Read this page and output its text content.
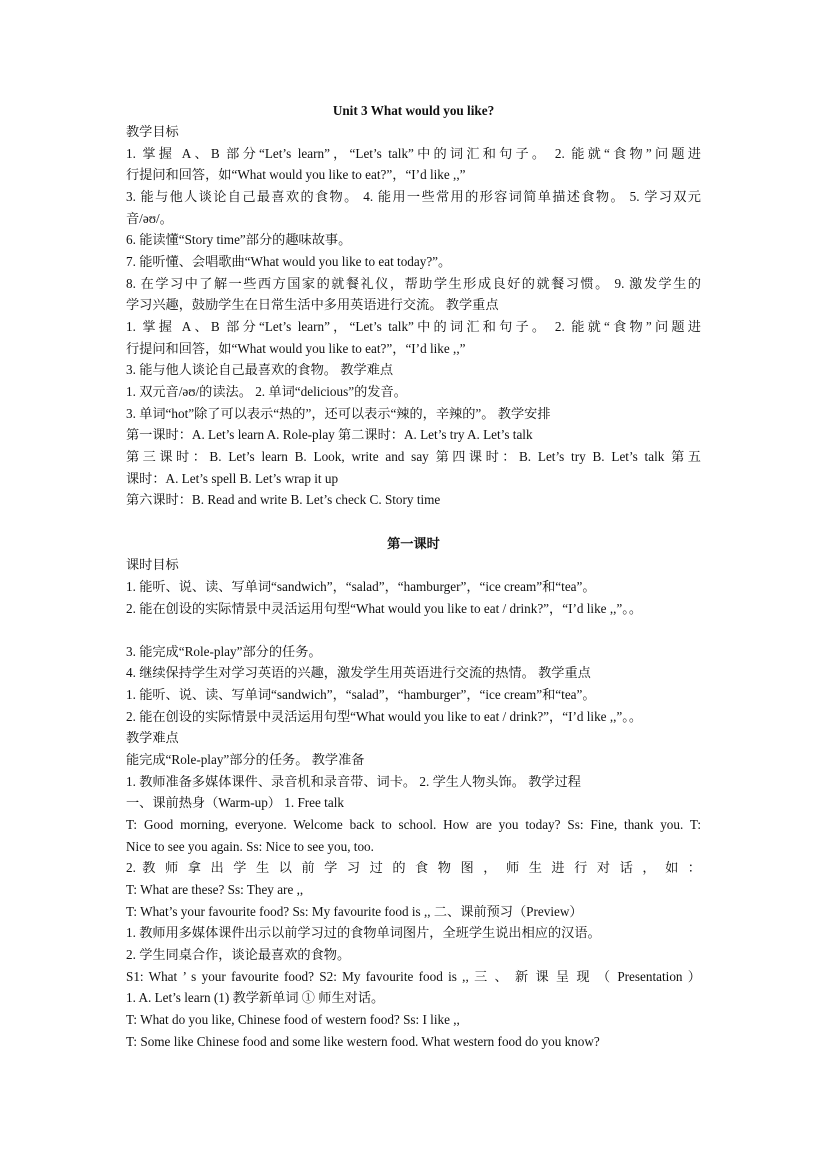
Unit 3 What would you like?
教学目标
1. 掌握 A、B 部分“Let’s learn”，“Let’s talk”中的词汇和句子。 2. 能就“食物”问题进
行提问和回答，如“What would you like to eat?”，“I’d like ,,”
3. 能与他人谈论自己最喜欢的食物。 4. 能用一些常用的形容词简单描述食物。 5. 学习双元
音/əʊ/。
6. 能读懂“Story time”部分的趣味故事。
7. 能听懂、会唱歌曲“What would you like to eat today?”。
8. 在学习中了解一些西方国家的就餐礼仪，帮助学生形成良好的就餐习惯。 9. 激发学生的
学习兴趣，鼓励学生在日常生活中多用英语进行交流。 教学重点
1. 掌握 A、B 部分“Let’s learn”，“Let’s talk”中的词汇和句子。 2. 能就“食物”问题进
行提问和回答，如“What would you like to eat?”，“I’d like ,,”
3. 能与他人谈论自己最喜欢的食物。 教学难点
1. 双元音/əʊ/的读法。 2. 单词“delicious”的发音。
3. 单词“hot”除了可以表示“热的”，还可以表示“辣的，辛辣的”。 教学安排
第一课时：A. Let’s learn A. Role-play 第二课时：A. Let’s try A. Let’s talk
第三课时：B. Let’s learn B. Look, write and say 第四课时：B. Let’s try B. Let’s talk 第五
课时：A. Let’s spell B. Let’s wrap it up
第六课时：B. Read and write B. Let’s check C. Story time
第一课时
课时目标
1. 能听、说、读、写单词“sandwich”，“salad”，“hamburger”，“ice cream”和“tea”。
2. 能在创设的实际情景中灵活运用句型“What would you like to eat / drink?”，“I’d like ,,”。。
3. 能完成“Role-play”部分的任务。
4. 继续保持学生对学习英语的兴趣，激发学生用英语进行交流的热情。 教学重点
1. 能听、说、读、写单词“sandwich”，“salad”，“hamburger”，“ice cream”和“tea”。
2. 能在创设的实际情景中灵活运用句型“What would you like to eat / drink?”，“I’d like ,,”。。
教学难点
能完成“Role-play”部分的任务。 教学准备
1. 教师准备多媒体课件、录音机和录音带、词卡。 2. 学生人物头饰。 教学过程
一、课前热身（Warm-up） 1. Free talk
T: Good morning, everyone. Welcome back to school. How are you today? Ss: Fine, thank you. T:
Nice to see you again. Ss: Nice to see you, too.
2. 教 师 拿 出 学 生 以 前 学 习 过 的 食 物 图 ， 师 生 进 行 对 话 ， 如 ：
T: What are these? Ss: They are ,,
T: What’s your favourite food? Ss: My favourite food is ,, 二、课前预习（Preview）
1. 教师用多媒体课件出示以前学习过的食物单词图片，全班学生说出相应的汉语。
2. 学生同桌合作，谈论最喜欢的食物。
S1: What ’ s your favourite food? S2: My favourite food is ,, 三 、 新 课 呈 现 （ Presentation ）
1. A. Let’s learn (1) 教学新单词 ① 师生对话。
T: What do you like, Chinese food of western food? Ss: I like ,,
T: Some like Chinese food and some like western food. What western food do you know?
